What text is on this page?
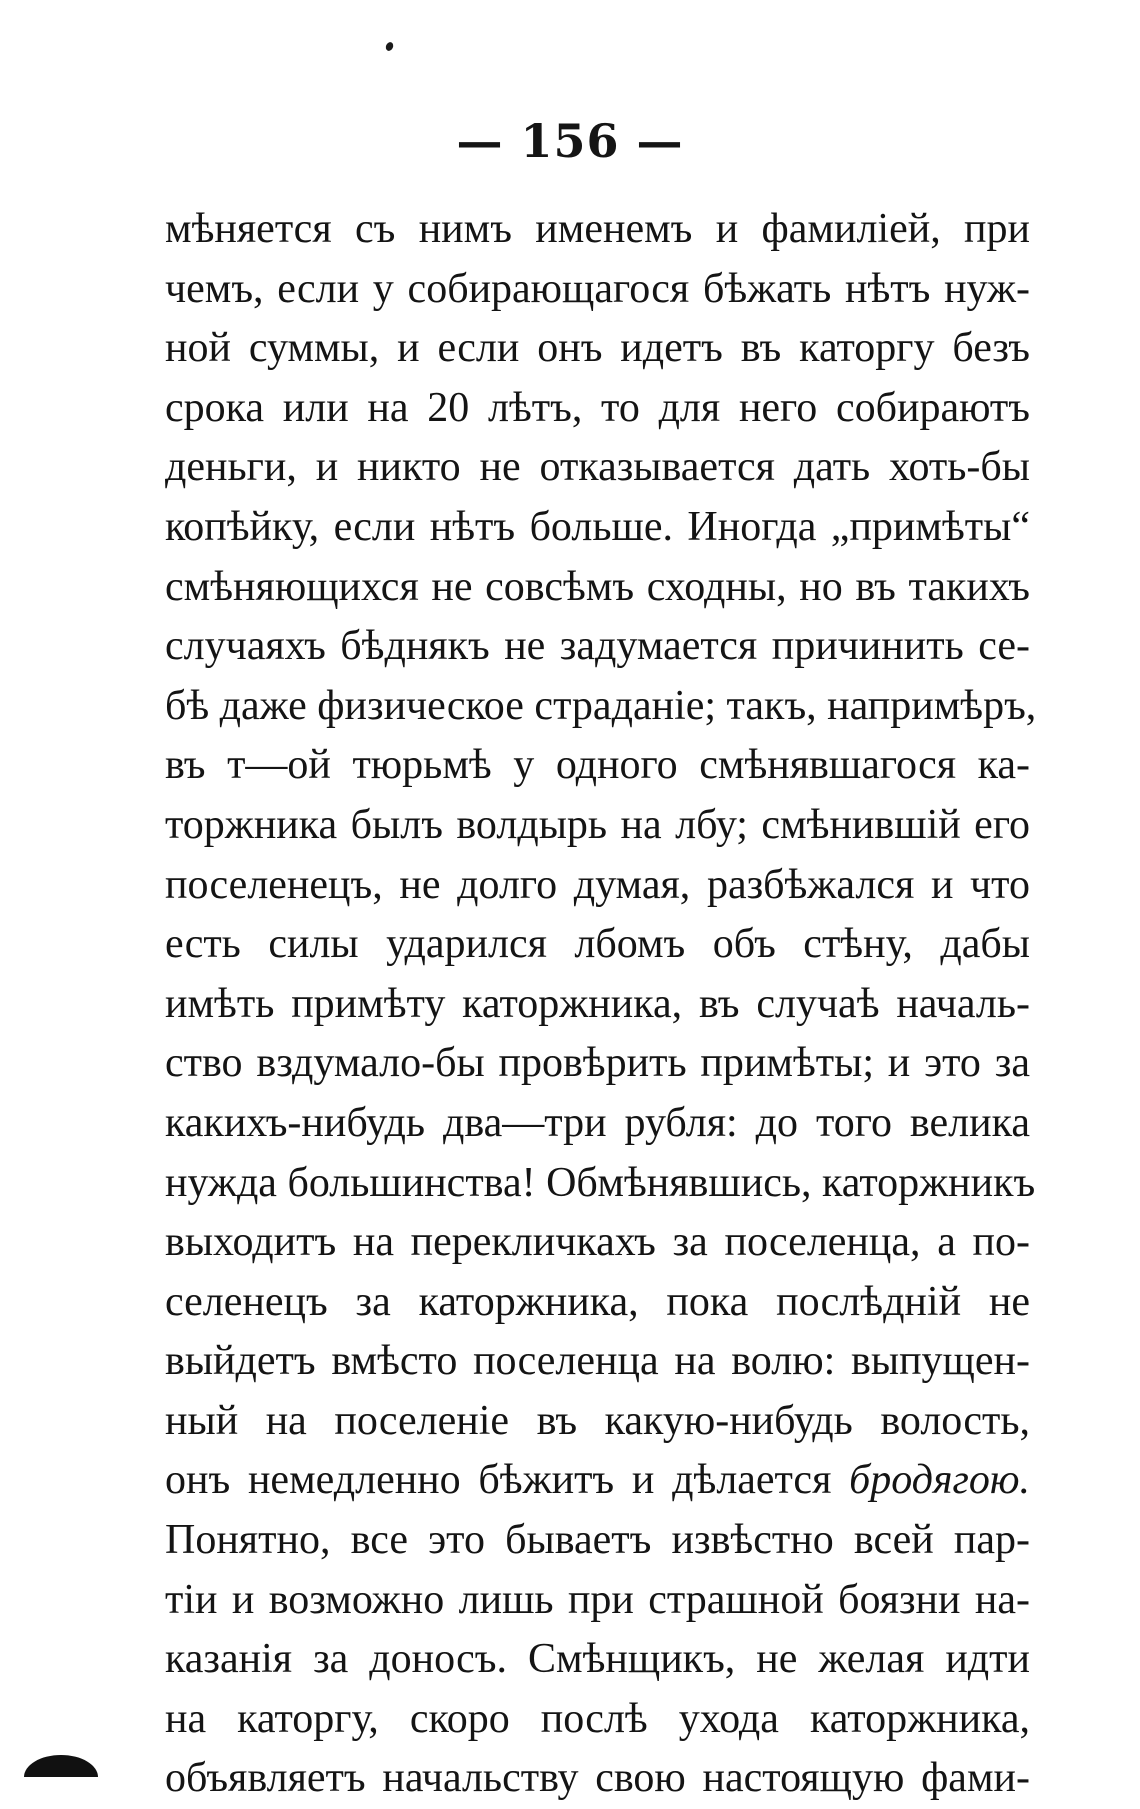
— 156 —
мѣняется съ нимъ именемъ и фамиліей, при
чемъ, если у собирающагося бѣжать нѣтъ нуж-
ной суммы, и если онъ идетъ въ каторгу безъ
срока или на 20 лѣтъ, то для него собираютъ
деньги, и никто не отказывается дать хоть-бы
копѣйку, если нѣтъ больше. Иногда „примѣты“
смѣняющихся не совсѣмъ сходны, но въ такихъ
случаяхъ бѣднякъ не задумается причинить се-
бѣ даже физическое страданіе; такъ, напримѣръ,
въ т—ой тюрьмѣ у одного смѣнявшагося ка-
торжника былъ волдырь на лбу; смѣнившій его
поселенецъ, не долго думая, разбѣжался и что
есть силы ударился лбомъ объ стѣну, дабы
имѣть примѣту каторжника, въ случаѣ началь-
ство вздумало-бы провѣрить примѣты; и это за
какихъ-нибудь два—три рубля: до того велика
нужда большинства! Обмѣнявшись, каторжникъ
выходитъ на перекличкахъ за поселенца, а по-
селенецъ за каторжника, пока послѣдній не
выйдетъ вмѣсто поселенца на волю: выпущен-
ный на поселеніе въ какую-нибудь волость,
онъ немедленно бѣжитъ и дѣлается бродягою.
Понятно, все это бываетъ извѣстно всей пар-
тіи и возможно лишь при страшной боязни на-
казанія за доносъ. Смѣнщикъ, не желая идти
на каторгу, скоро послѣ ухода каторжника,
объявляетъ начальству свою настоящую фами-
